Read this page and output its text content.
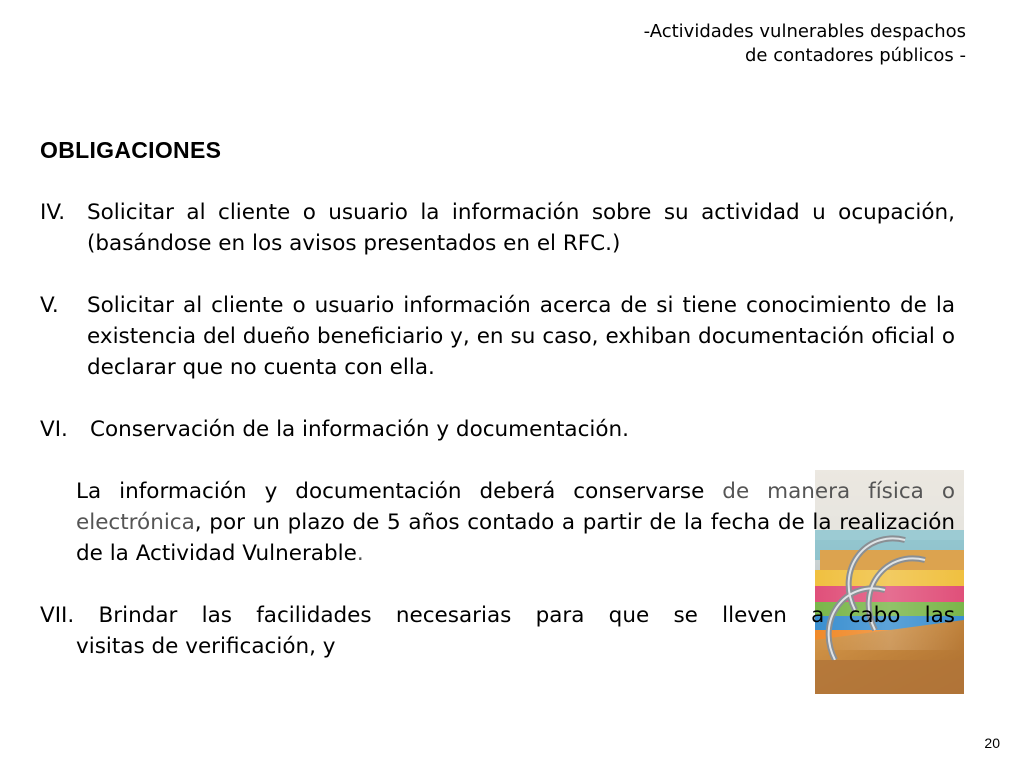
-Actividades vulnerables despachos
de contadores públicos -
OBLIGACIONES
IV. Solicitar al cliente o usuario la información sobre su actividad u ocupación, (basándose en los avisos presentados en el RFC.)
V. Solicitar al cliente o usuario información acerca de si tiene conocimiento de la existencia del dueño beneficiario y, en su caso, exhiban documentación oficial o declarar que no cuenta con ella.
VI. Conservación de la información y documentación.
La información y documentación deberá conservarse de manera física o electrónica, por un plazo de 5 años contado a partir de la fecha de la realización de la Actividad Vulnerable.
VII. Brindar las facilidades necesarias para que se lleven a cabo las
visitas de verificación, y
20
